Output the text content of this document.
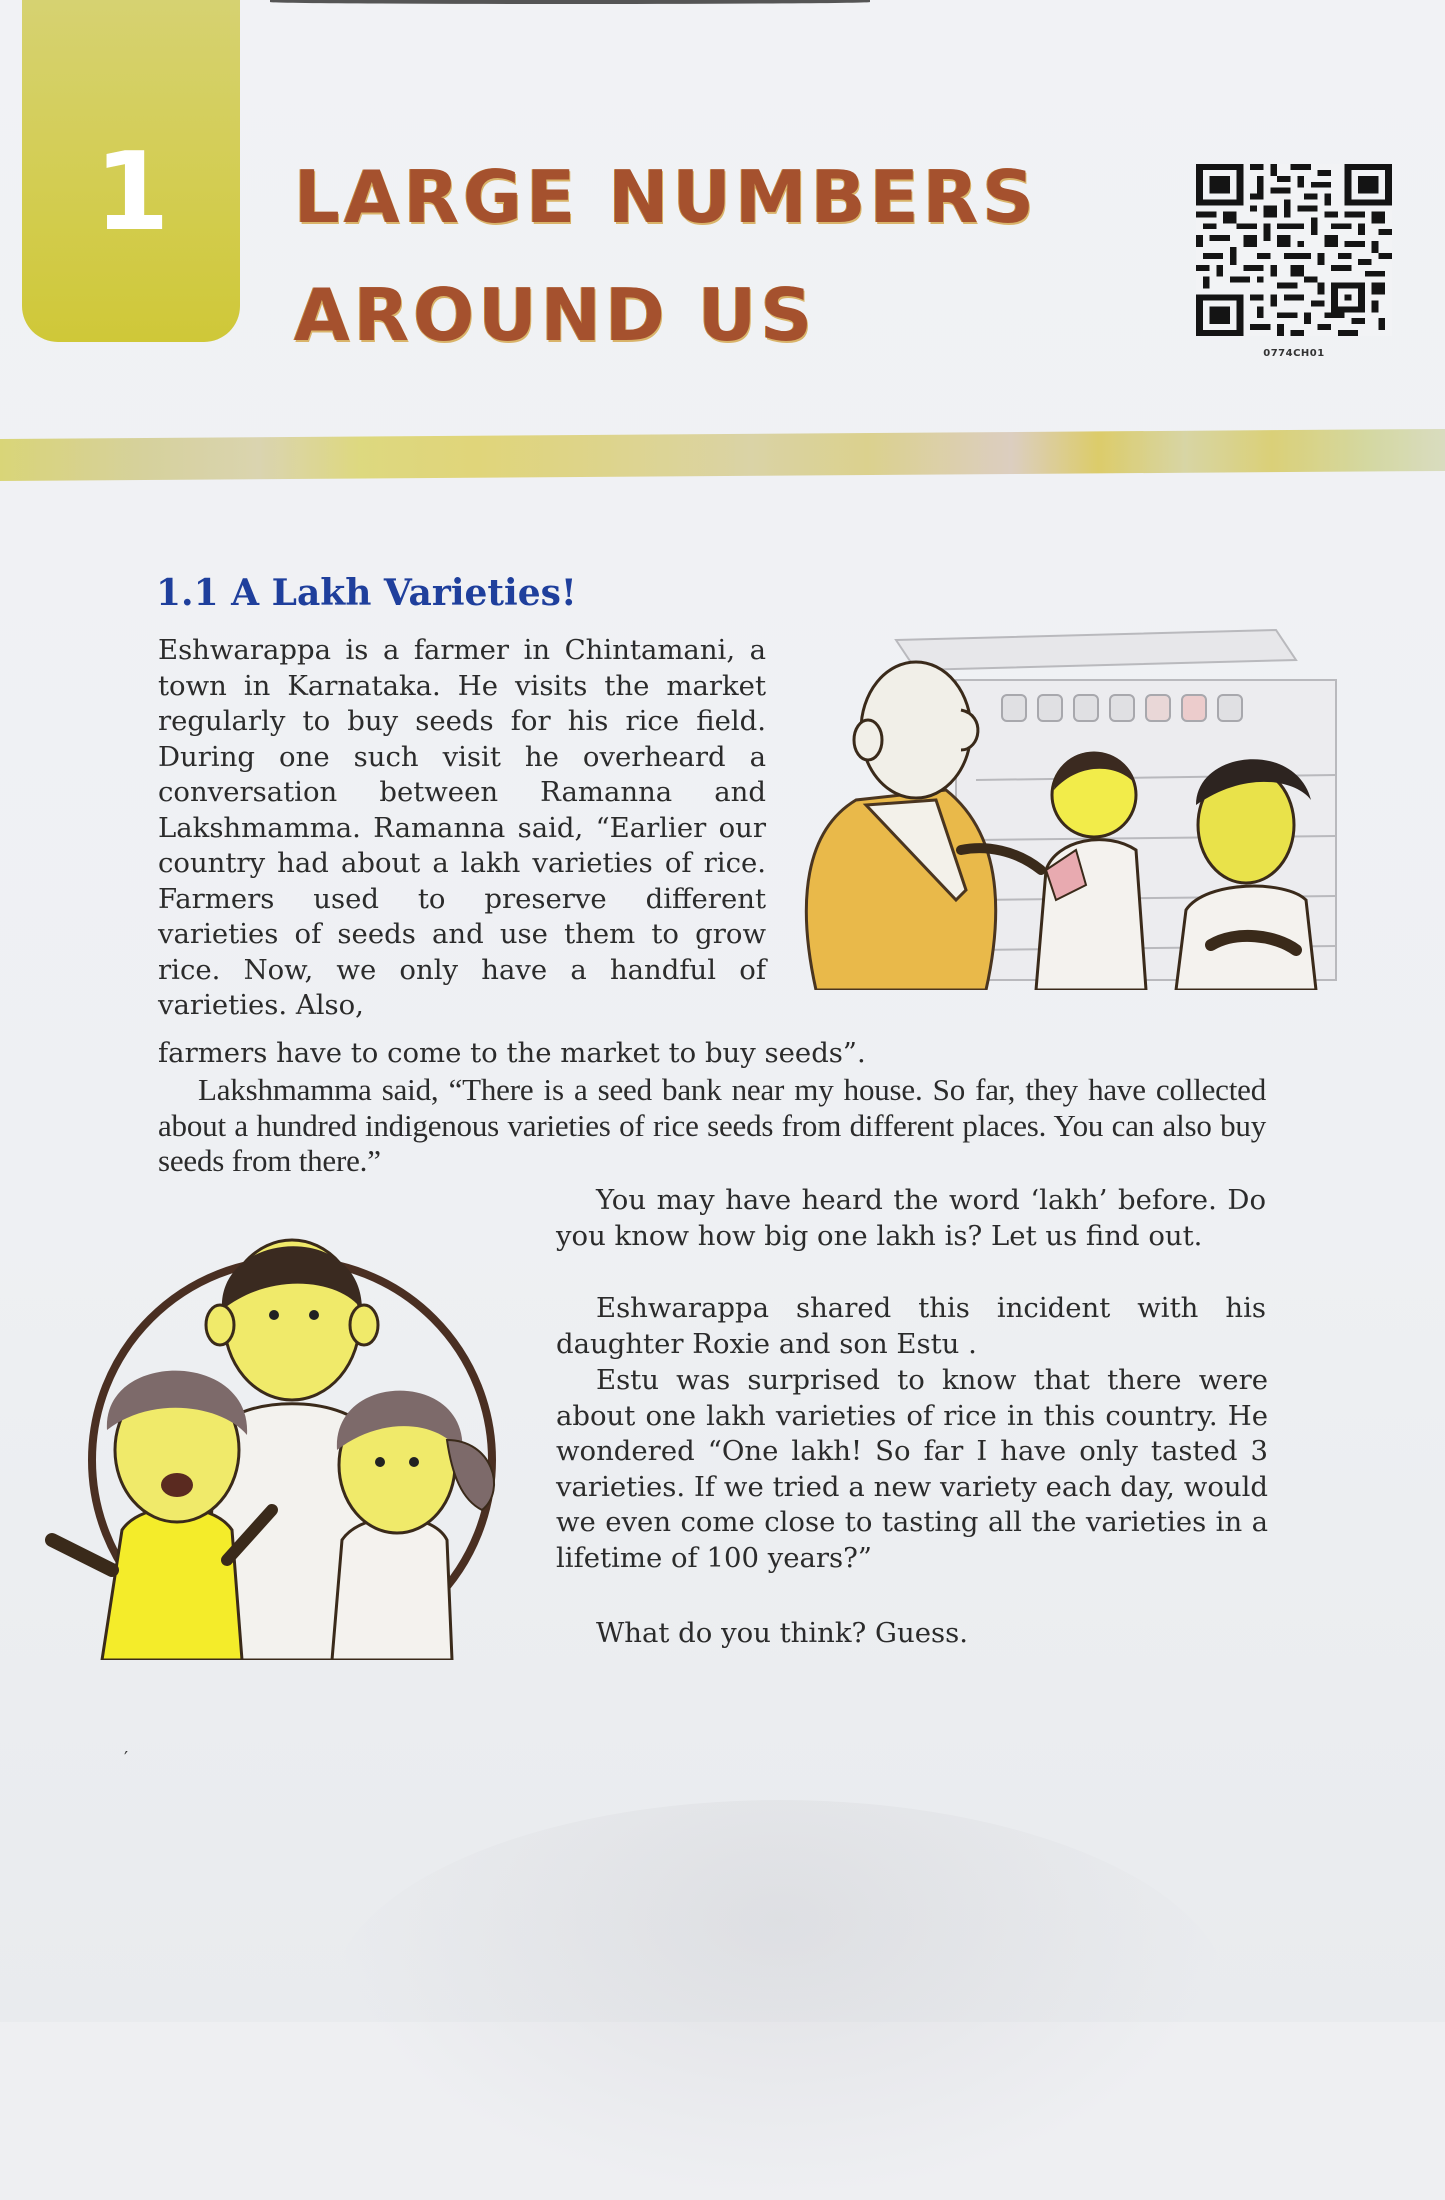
1	LARGE NUMBERS
AROUND US	0774CH01
1.1 A Lakh Varieties!

Eshwarappa is a farmer in Chintamani, a town in Karnataka. He visits the market regularly to buy seeds for his rice field. During one such visit he overheard a conversation between Ramanna and Lakshmamma. Ramanna said, “Earlier our country had about a lakh varieties of rice. Farmers used to preserve different varieties of seeds and use them to grow rice. Now, we only have a handful of varieties. Also,

farmers have to come to the market to buy seeds”.

Lakshmamma said, “There is a seed bank near my house. So far, they have collected about a hundred indigenous varieties of rice seeds from different places. You can also buy seeds from there.”

You may have heard the word ‘lakh’ before. Do you know how big one lakh is? Let us find out.

Eshwarappa shared this incident with his daughter Roxie and son Estu .

Estu was surprised to know that there were about one lakh varieties of rice in this country. He wondered “One lakh! So far I have only tasted 3 varieties. If we tried a new variety each day, would we even come close to tasting all the varieties in a lifetime of 100 years?”

What do you think? Guess.

′
